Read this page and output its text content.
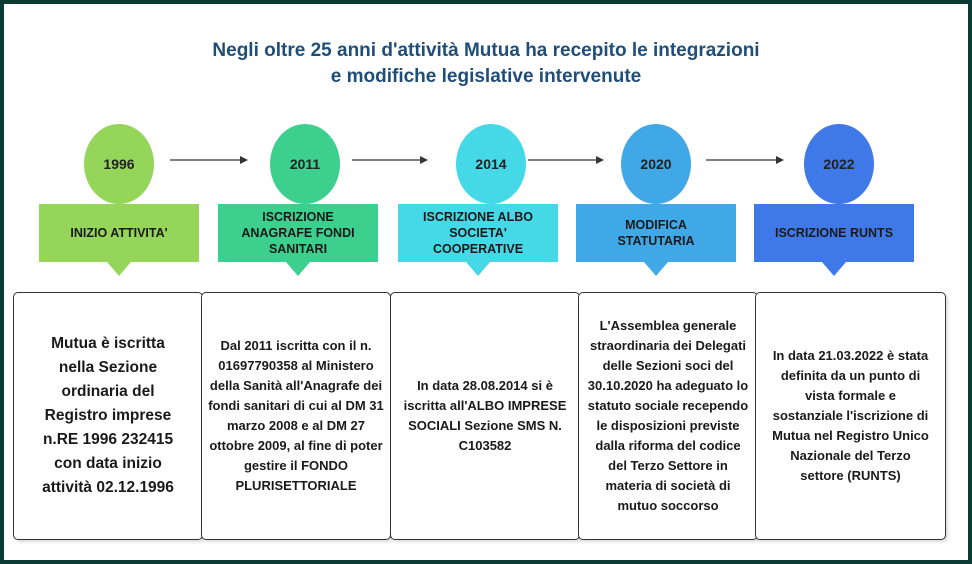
Negli oltre 25 anni d'attività Mutua ha recepito le integrazioni
e modifiche legislative intervenute
1996	2011	2014	2020	2022
INIZIO ATTIVITA'
ISCRIZIONE ANAGRAFE FONDI SANITARI
ISCRIZIONE ALBO SOCIETA' COOPERATIVE
MODIFICA STATUTARIA
ISCRIZIONE RUNTS
Mutua è iscritta nella Sezione ordinaria del Registro imprese n.RE 1996 232415 con data inizio attività 02.12.1996
Dal 2011 iscritta con il n. 01697790358 al Ministero della Sanità all'Anagrafe dei fondi sanitari di cui al DM 31 marzo 2008 e al DM 27 ottobre 2009, al fine di poter gestire il FONDO PLURISETTORIALE
In data 28.08.2014 si è iscritta all'ALBO IMPRESE SOCIALI Sezione SMS N. C103582
L'Assemblea generale straordinaria dei Delegati delle Sezioni soci del 30.10.2020 ha adeguato lo statuto sociale recependo le disposizioni previste dalla riforma del codice del Terzo Settore in materia di società di mutuo soccorso
In data 21.03.2022 è stata definita da un punto di vista formale e sostanziale l'iscrizione di Mutua nel Registro Unico Nazionale del Terzo settore (RUNTS)
